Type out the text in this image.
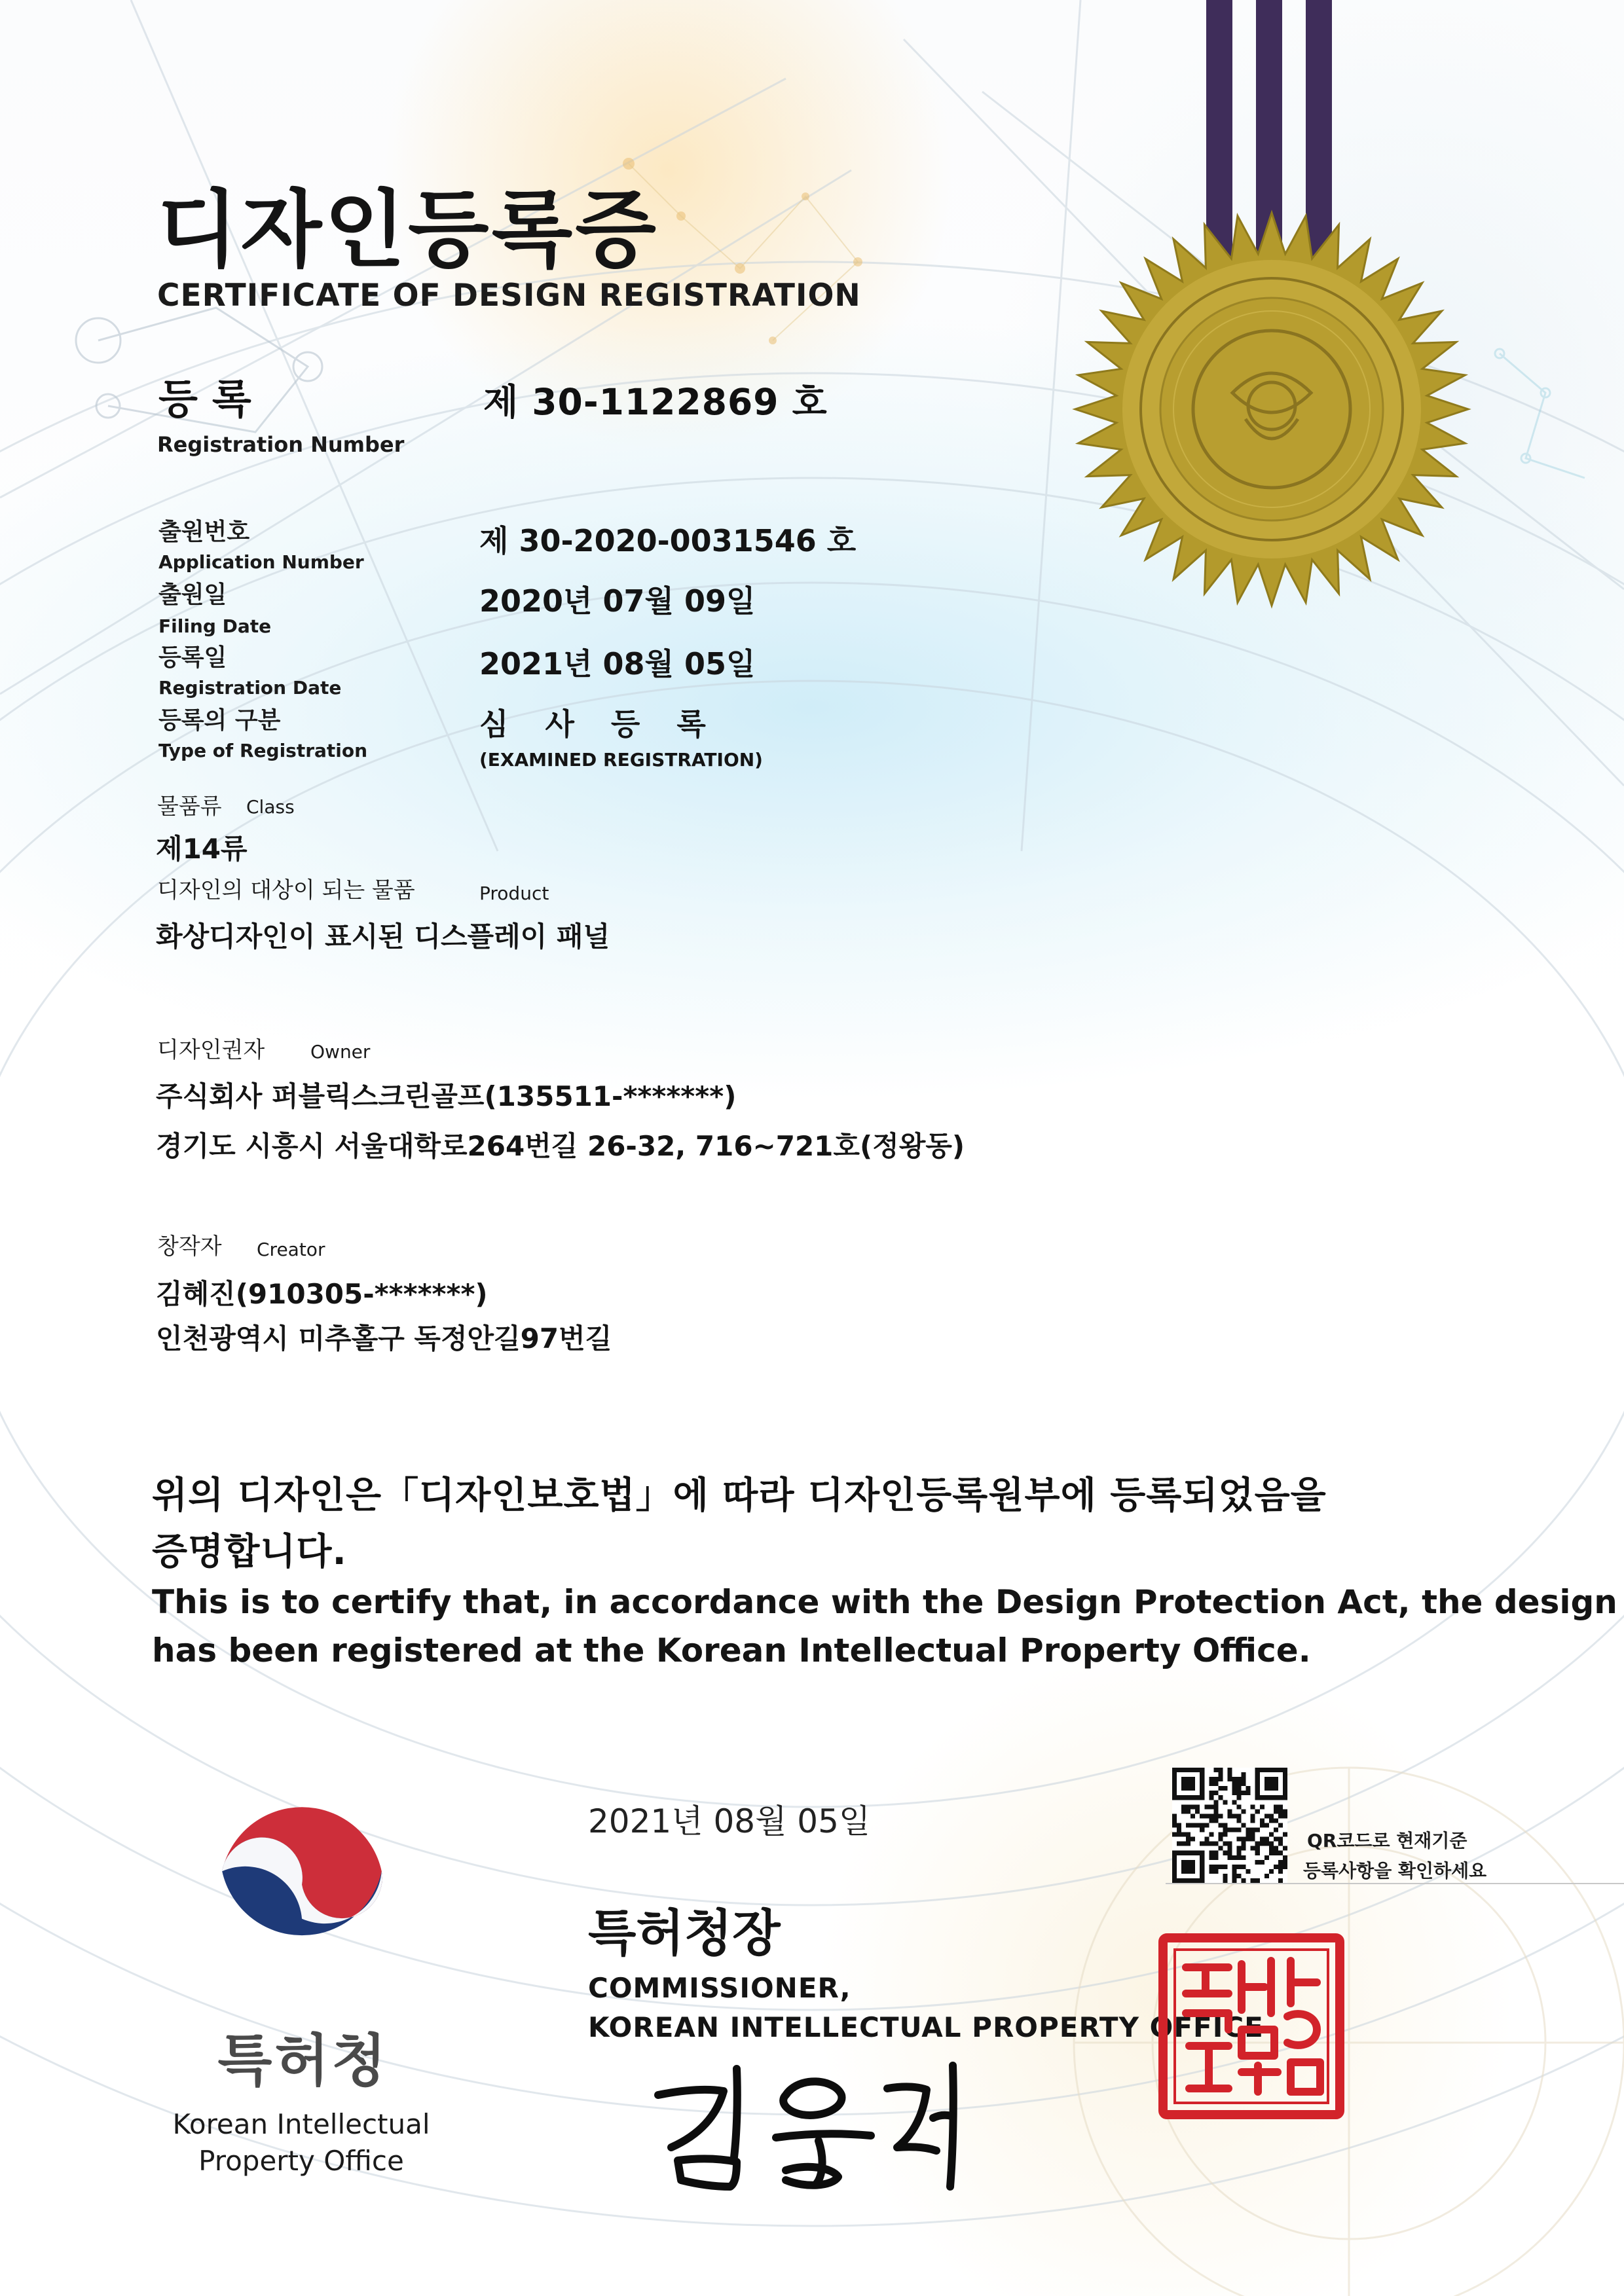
디자인등록증
CERTIFICATE OF DESIGN REGISTRATION
등록
Registration Number
제 30-1122869 호
출원번호
Application Number
제 30-2020-0031546 호
출원일
Filing Date
2020년 07월 09일
등록일
Registration Date
2021년 08월 05일
등록의 구분
Type of Registration
심  사  등  록
(EXAMINED REGISTRATION)
물품류 Class
제14류
디자인의 대상이 되는 물품	Product
화상디자인이 표시된 디스플레이 패널
디자인권자 Owner
주식회사 퍼블릭스크린골프(135511-*******)
경기도 시흥시 서울대학로264번길 26-32, 716~721호(정왕동)
창작자 Creator
김혜진(910305-*******)
인천광역시 미추홀구 독정안길97번길
위의 디자인은「디자인보호법」에 따라 디자인등록원부에 등록되었음을
증명합니다.
This is to certify that, in accordance with the Design Protection Act, the design
has been registered at the Korean Intellectual Property Office.
특허청
Korean Intellectual
Property Office
2021년 08월 05일
특허청장
COMMISSIONER,
KOREAN INTELLECTUAL PROPERTY OFFICE
QR코드로 현재기준
등록사항을 확인하세요
